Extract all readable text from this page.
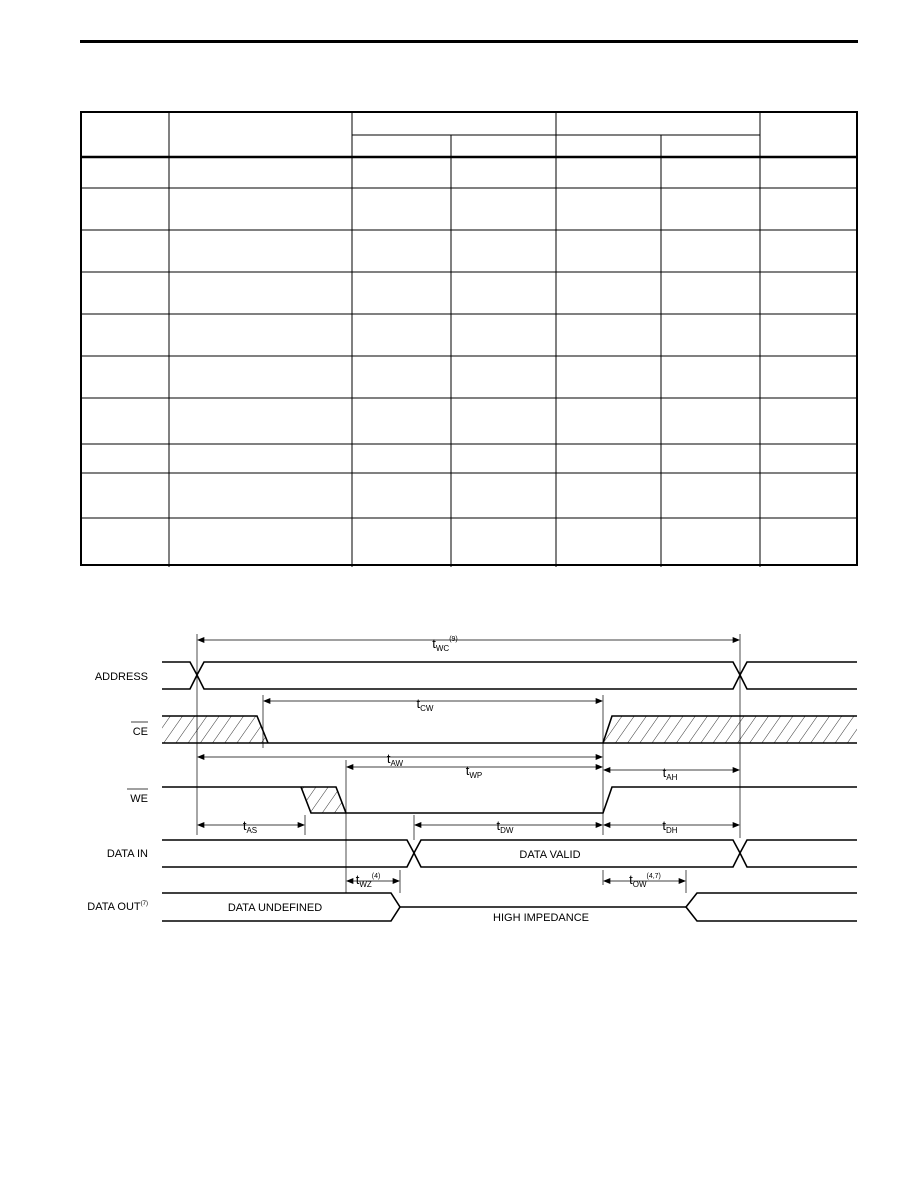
ADDRESS
CE
WE
DATA IN
DATA OUT$^{(7)}$
$t_{WC}^{(9)}$
$t_{CW}$
$t_{AW}$	$t_{WP}$	$t_{AH}$
$t_{AS}$	$t_{DW}$	$t_{DH}$
$t_{WZ}^{(4)}$	$t_{OW}^{(4,7)}$
DATA VALID
DATA UNDEFINED
HIGH IMPEDANCE
